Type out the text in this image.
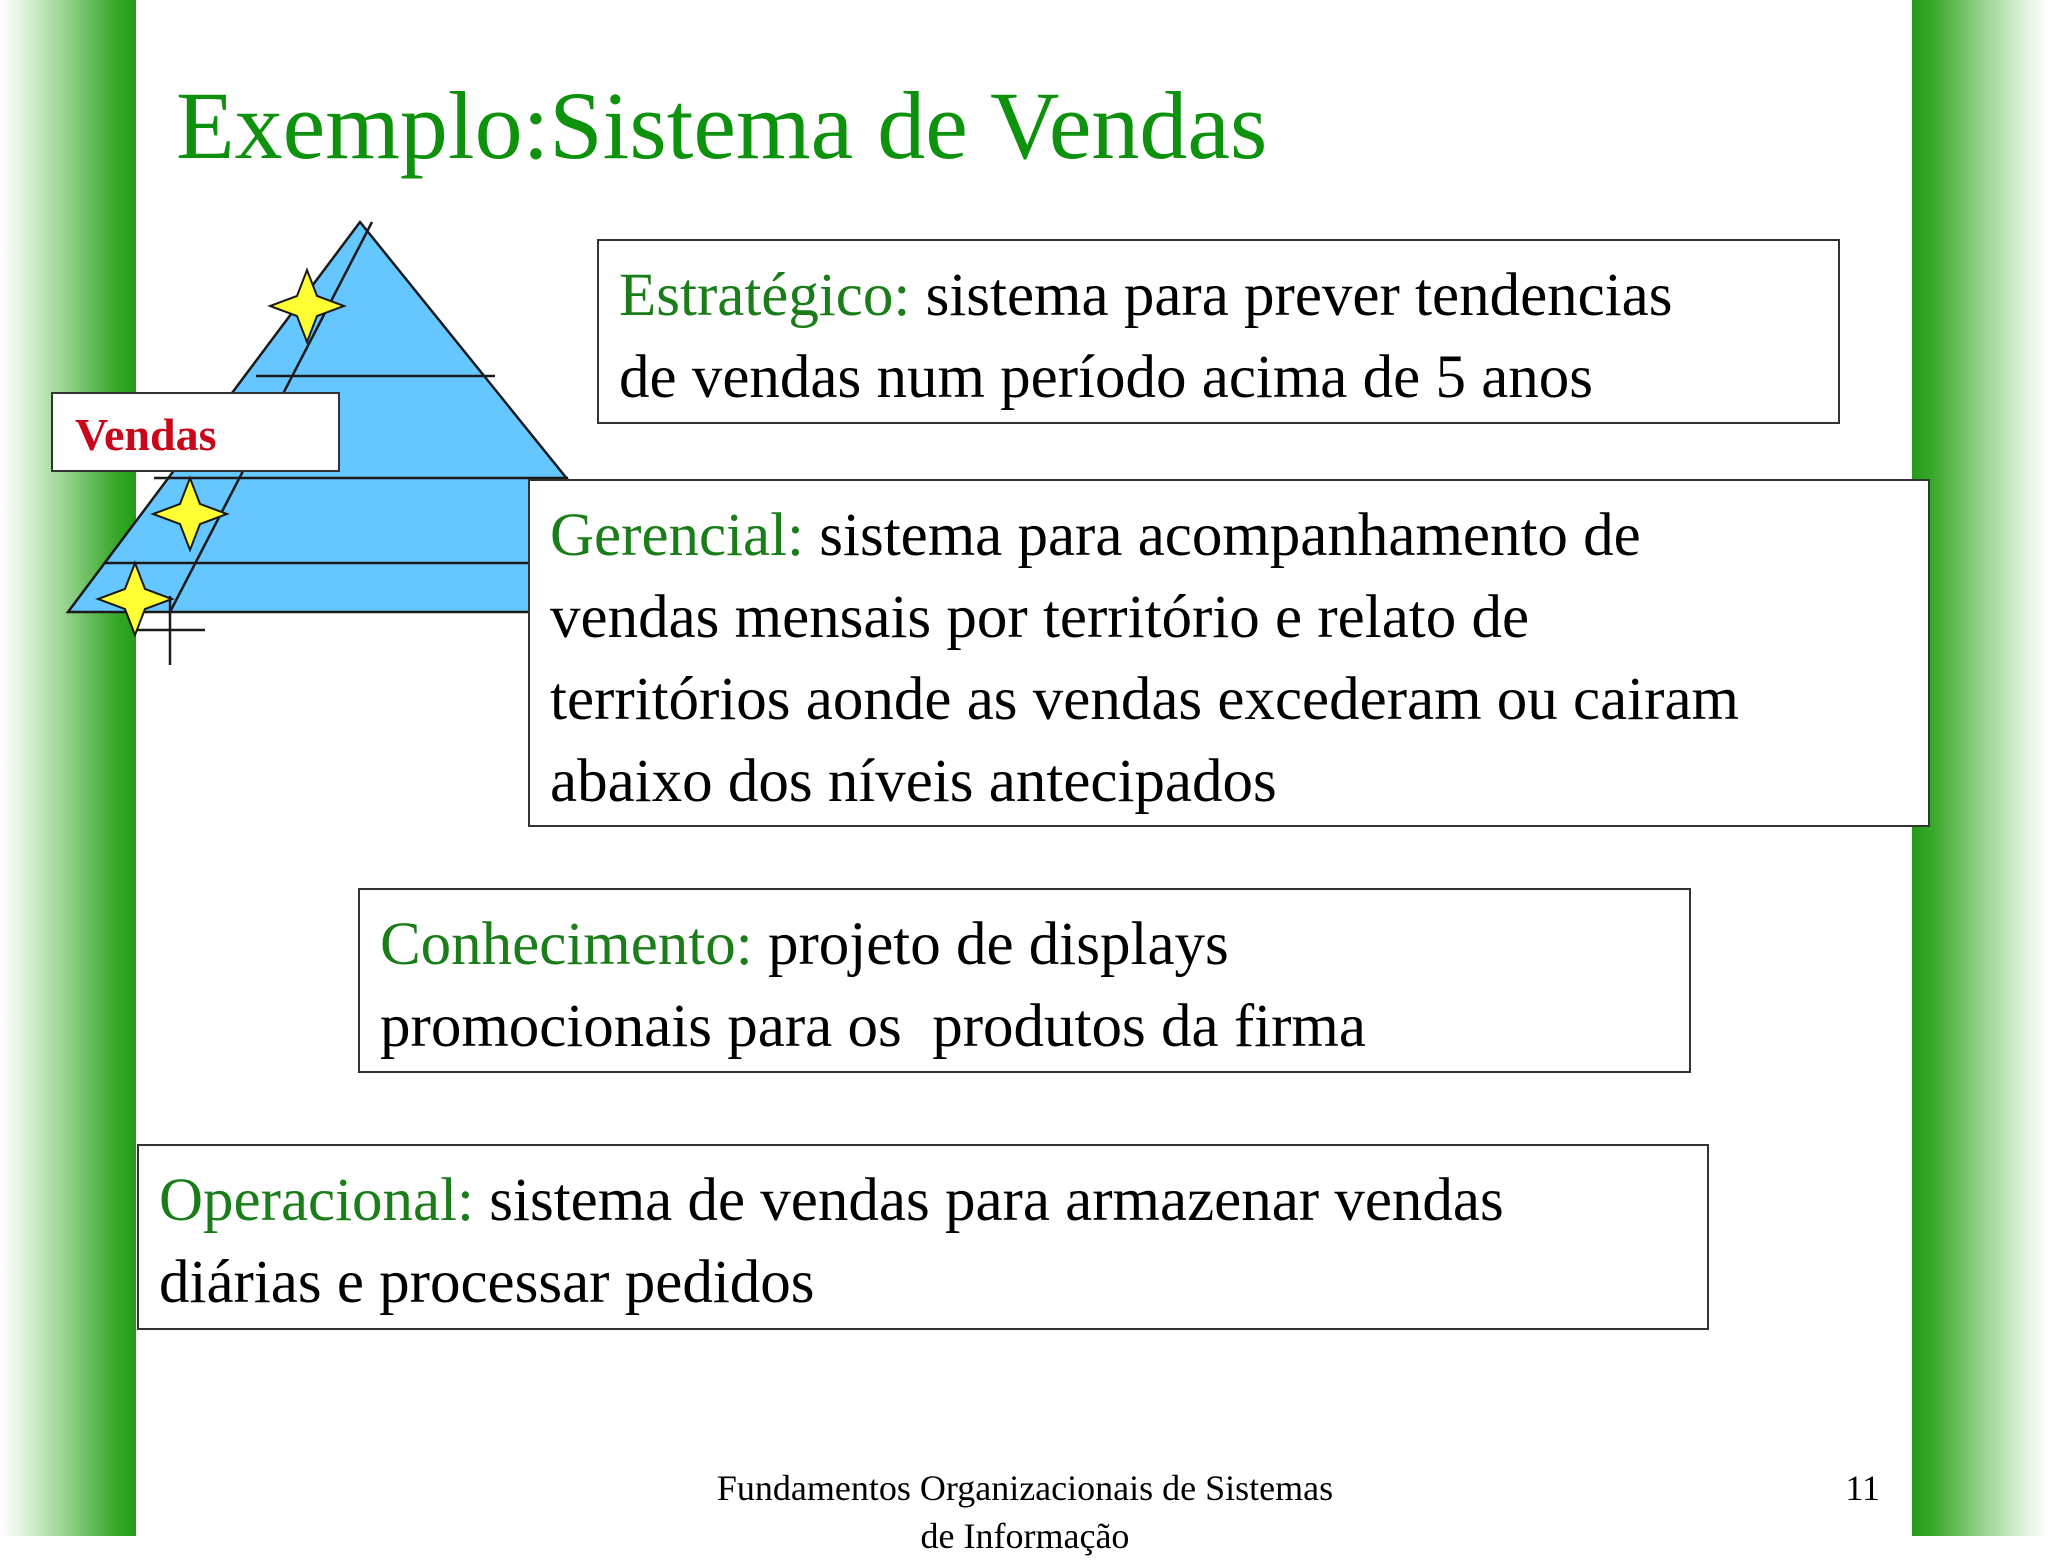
Exemplo:Sistema de Vendas
Vendas
Estratégico: sistema para prever tendencias
de vendas num período acima de 5 anos
Gerencial: sistema para acompanhamento de
vendas mensais por território e relato de
territórios aonde as vendas excederam ou cairam
abaixo dos níveis antecipados
Conhecimento: projeto de displays
promocionais para os  produtos da firma
Operacional: sistema de vendas para armazenar vendas
diárias e processar pedidos
Fundamentos Organizacionais de Sistemas de Informação
11
